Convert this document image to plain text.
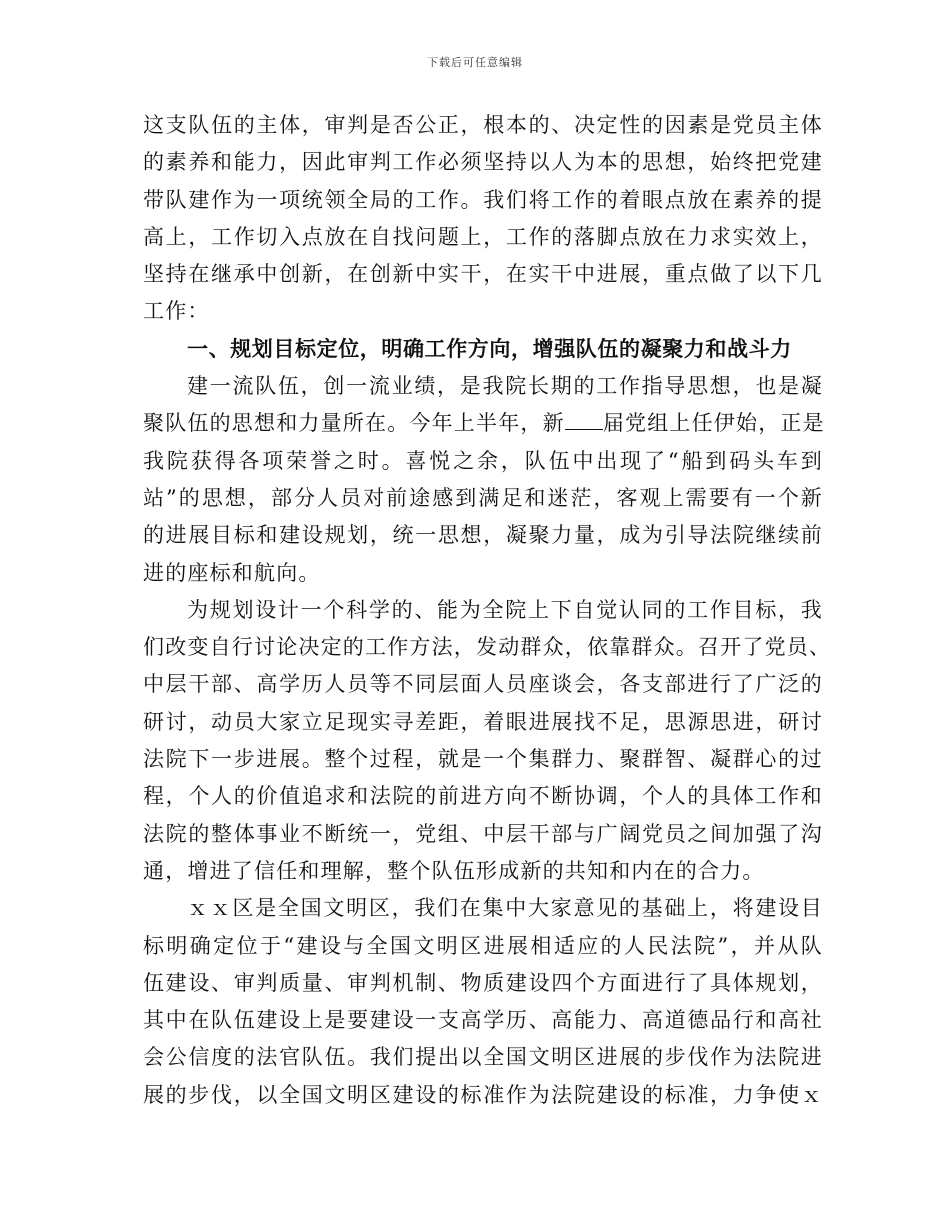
下载后可任意编辑
这支队伍的主体，审判是否公正，根本的、决定性的因素是党员主体
的素养和能力，因此审判工作必须坚持以人为本的思想，始终把党建
带队建作为一项统领全局的工作。我们将工作的着眼点放在素养的提
高上，工作切入点放在自找问题上，工作的落脚点放在力求实效上，
坚持在继承中创新，在创新中实干，在实干中进展，重点做了以下几
工作：
一、规划目标定位，明确工作方向，增强队伍的凝聚力和战斗力
建一流队伍，创一流业绩，是我院长期的工作指导思想，也是凝
聚队伍的思想和力量所在。今年上半年，新 届党组上任伊始，正是
我院获得各项荣誉之时。喜悦之余，队伍中出现了“船到码头车到
站”的思想，部分人员对前途感到满足和迷茫，客观上需要有一个新
的进展目标和建设规划，统一思想，凝聚力量，成为引导法院继续前
进的座标和航向。
为规划设计一个科学的、能为全院上下自觉认同的工作目标，我
们改变自行讨论决定的工作方法，发动群众，依靠群众。召开了党员、
中层干部、高学历人员等不同层面人员座谈会，各支部进行了广泛的
研讨，动员大家立足现实寻差距，着眼进展找不足，思源思进，研讨
法院下一步进展。整个过程，就是一个集群力、聚群智、凝群心的过
程，个人的价值追求和法院的前进方向不断协调，个人的具体工作和
法院的整体事业不断统一，党组、中层干部与广阔党员之间加强了沟
通，增进了信任和理解，整个队伍形成新的共知和内在的合力。
ｘｘ区是全国文明区，我们在集中大家意见的基础上，将建设目
标明确定位于“建设与全国文明区进展相适应的人民法院”，并从队
伍建设、审判质量、审判机制、物质建设四个方面进行了具体规划，
其中在队伍建设上是要建设一支高学历、高能力、高道德品行和高社
会公信度的法官队伍。我们提出以全国文明区进展的步伐作为法院进
展的步伐，以全国文明区建设的标准作为法院建设的标准，力争使ｘ
